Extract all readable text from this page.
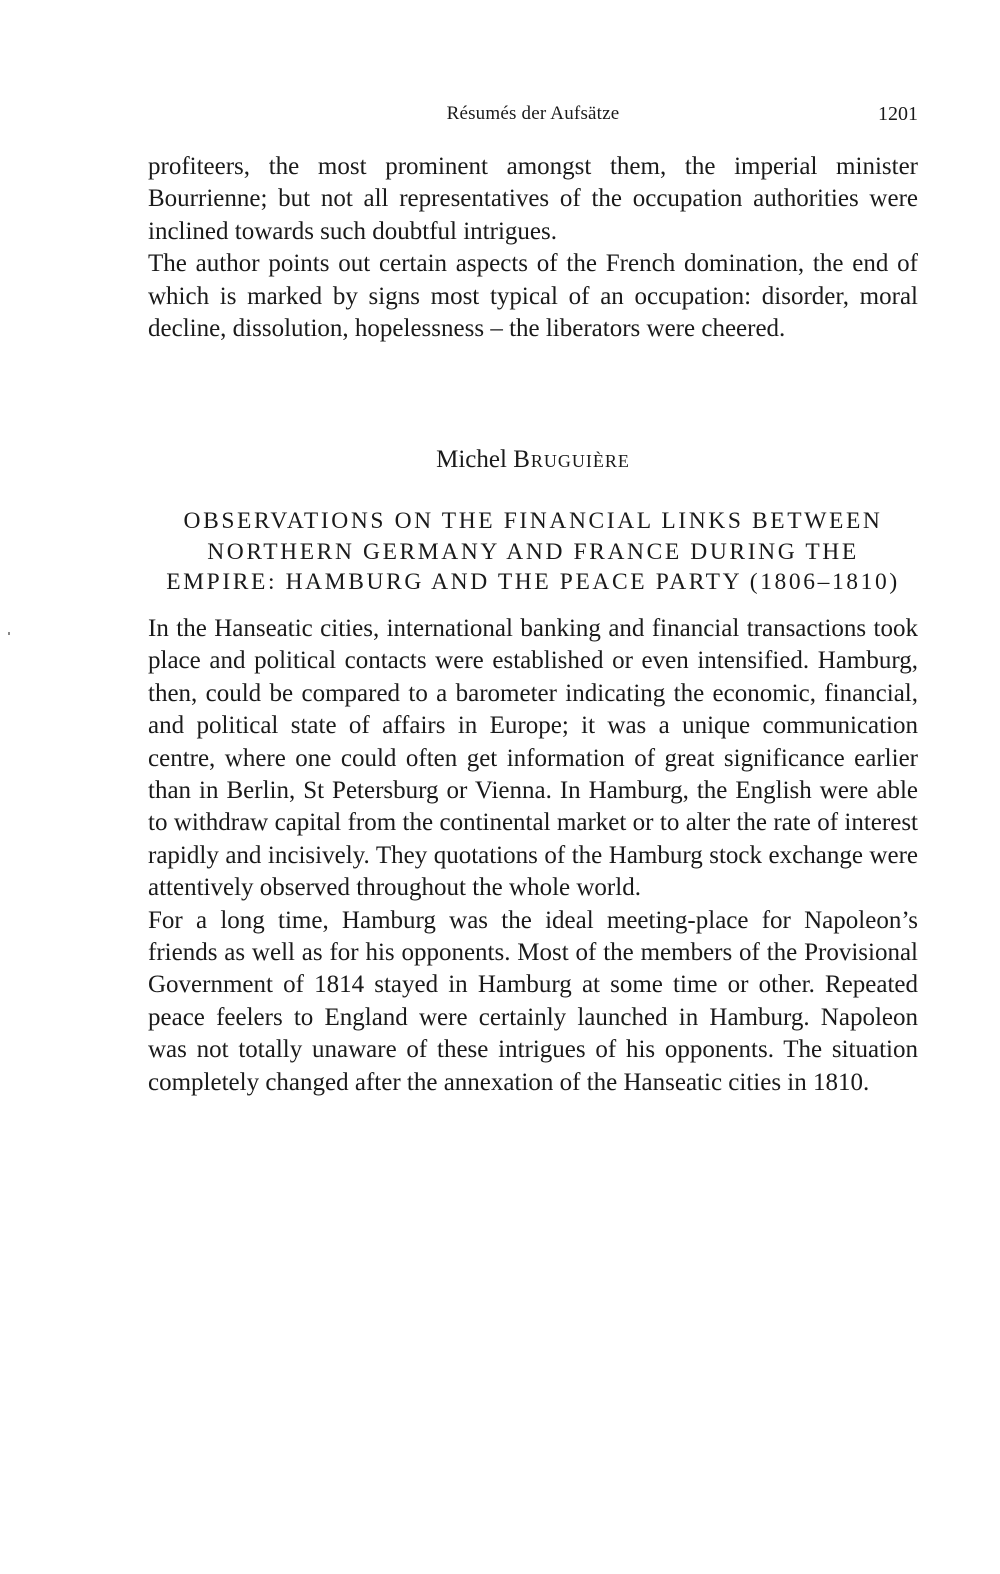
Résumés der Aufsätze	1201

profiteers, the most prominent amongst them, the imperial minister Bourrienne; but not all representatives of the occupation authorities were inclined towards such doubtful intrigues.

The author points out certain aspects of the French domination, the end of which is marked by signs most typical of an occupation: disorder, moral decline, dissolution, hopelessness – the liberators were cheered.

Michel Bruguière
OBSERVATIONS ON THE FINANCIAL LINKS BETWEEN NORTHERN GERMANY AND FRANCE DURING THE EMPIRE: HAMBURG AND THE PEACE PARTY (1806–1810)

In the Hanseatic cities, international banking and financial transactions took place and political contacts were established or even intensified. Hamburg, then, could be compared to a barometer indicating the economic, financial, and political state of affairs in Europe; it was a unique communication centre, where one could often get information of great significance earlier than in Berlin, St Petersburg or Vienna. In Hamburg, the English were able to withdraw capital from the continental market or to alter the rate of interest rapidly and incisively. They quotations of the Hamburg stock exchange were attentively observed throughout the whole world.

For a long time, Hamburg was the ideal meeting-place for Napoleon’s friends as well as for his opponents. Most of the members of the Provisional Government of 1814 stayed in Hamburg at some time or other. Repeated peace feelers to England were certainly launched in Hamburg. Napoleon was not totally unaware of these intrigues of his opponents. The situation completely changed after the annexation of the Hanseatic cities in 1810.
